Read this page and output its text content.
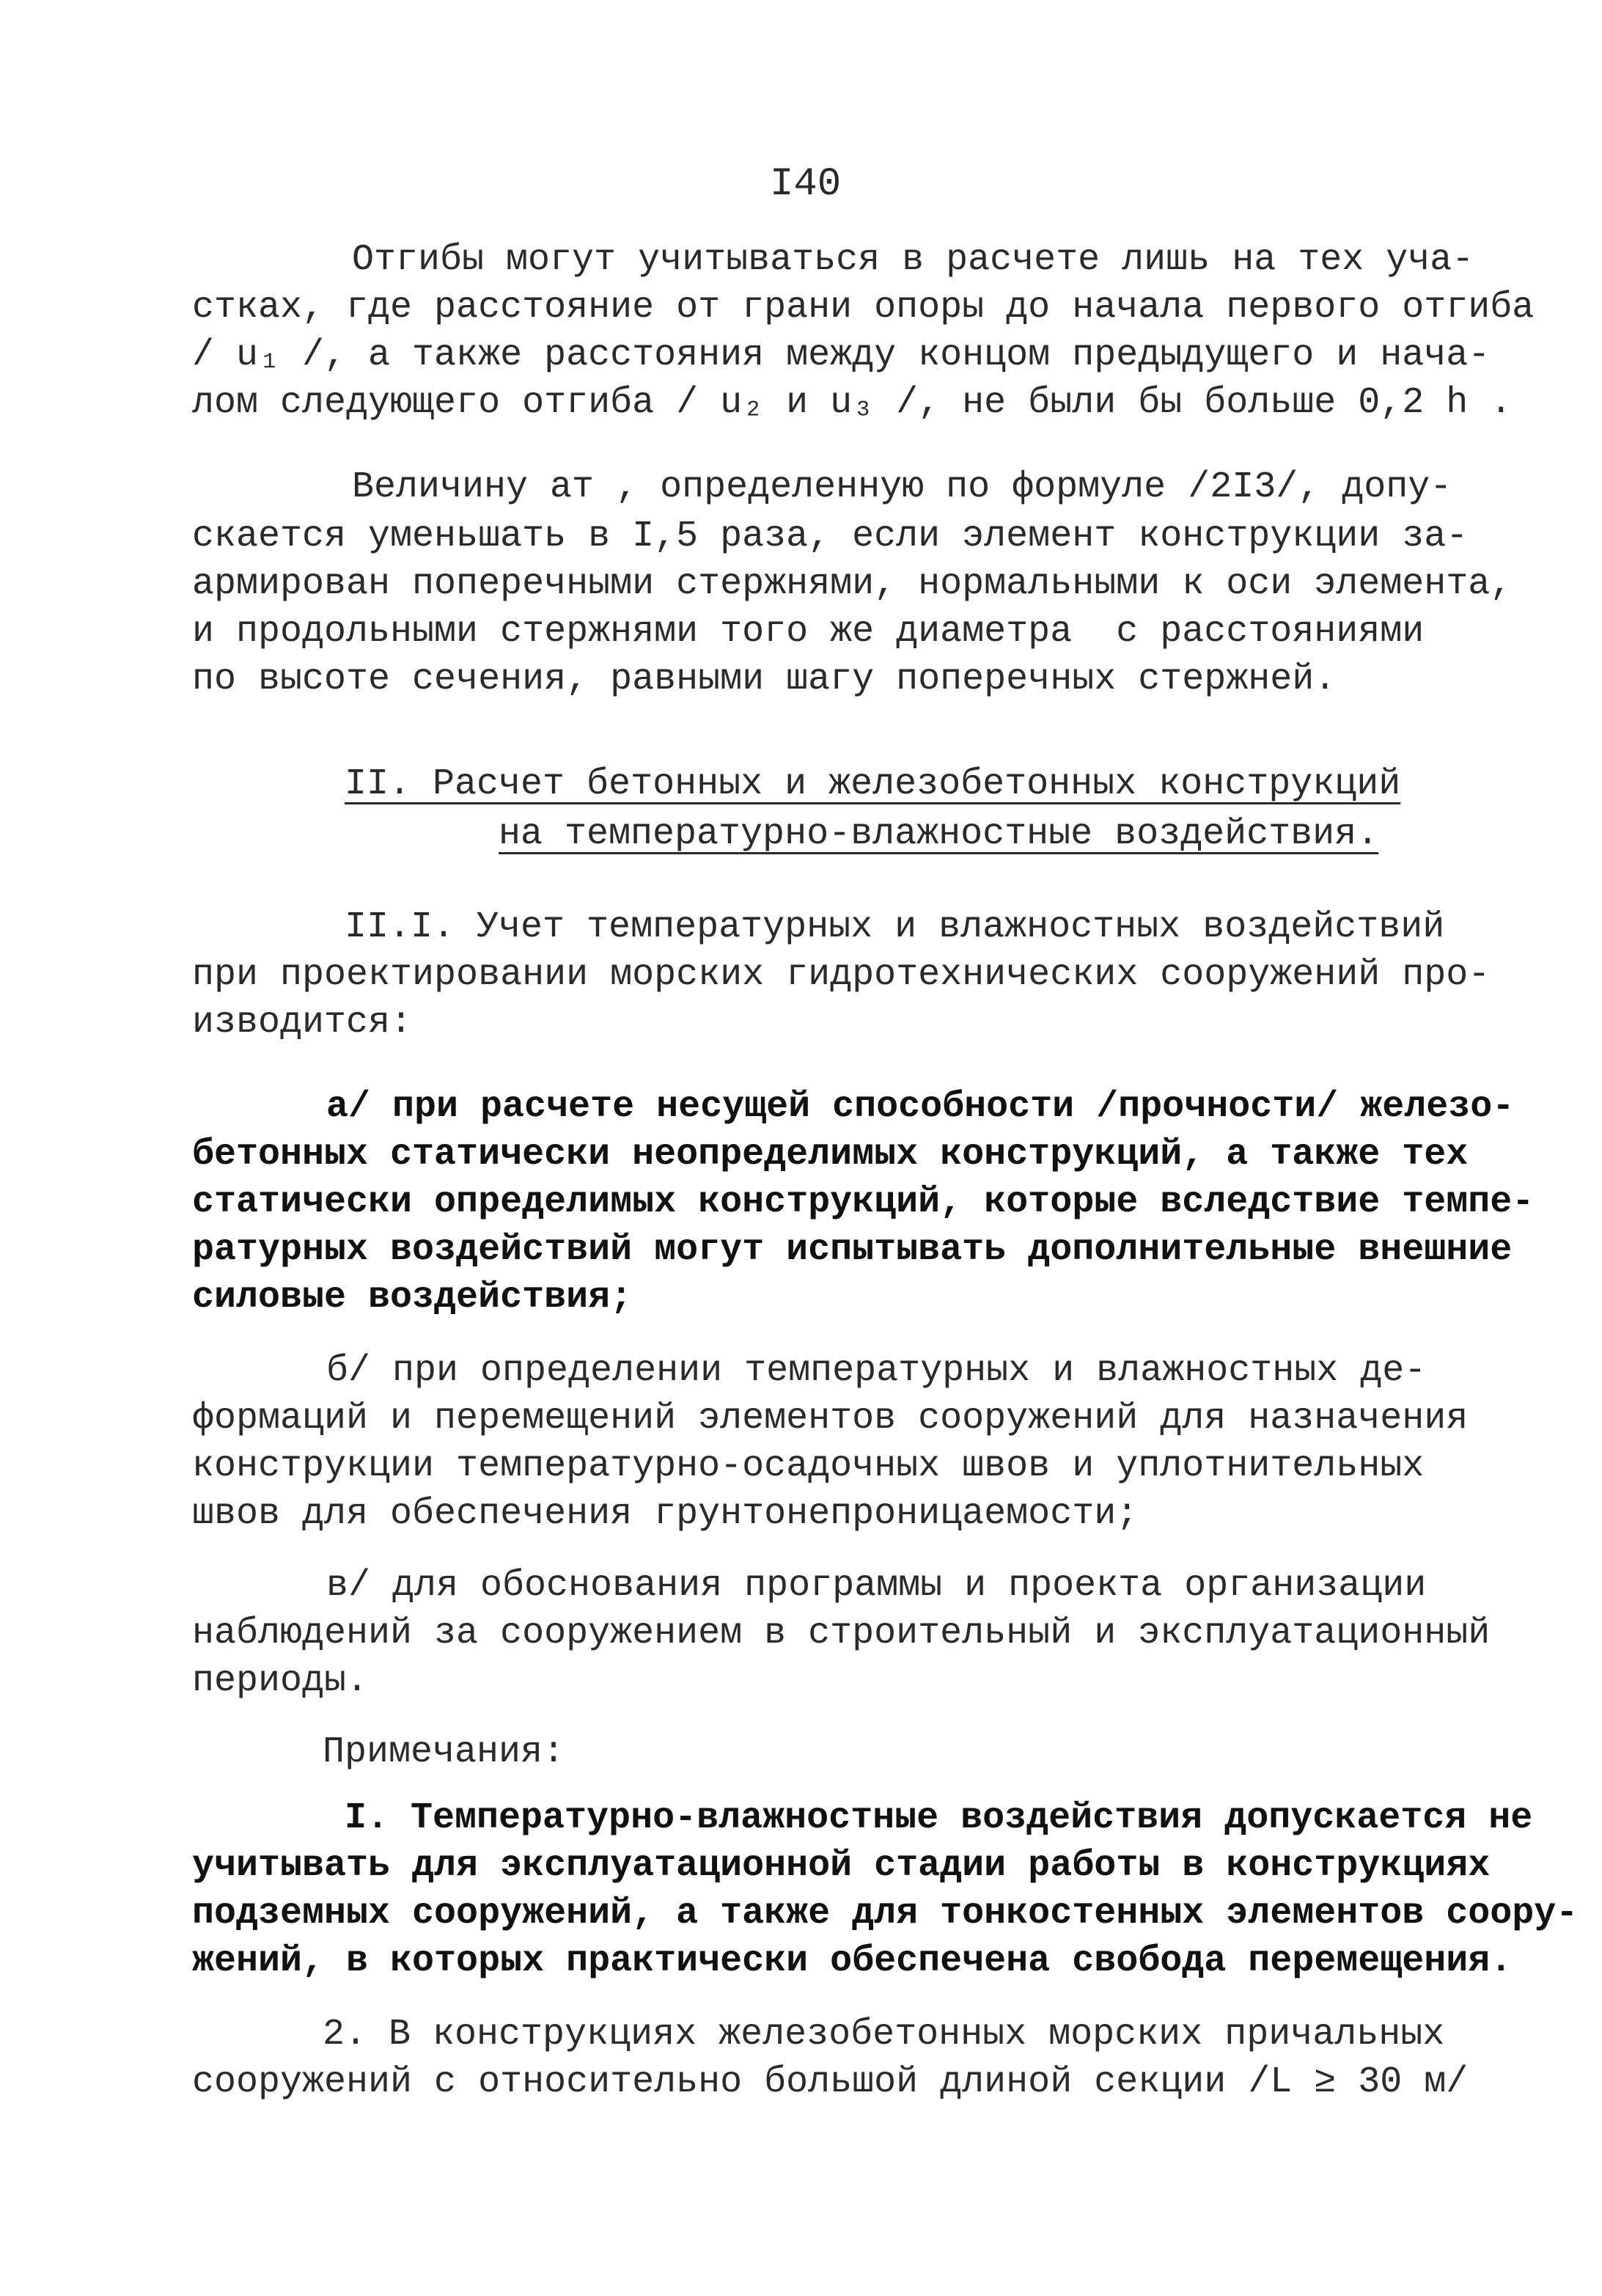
I40
Отгибы могут учитываться в расчете лишь на тех уча-
стках, где расстояние от грани опоры до начала первого отгиба
/ u₁ /, а также расстояния между концом предыдущего и нача-
лом следующего отгиба / u₂ и u₃ /, не были бы больше 0,2 h .
Величину aт , определенную по формуле /2I3/, допу-
скается уменьшать в I,5 раза, если элемент конструкции за-
армирован поперечными стержнями, нормальными к оси элемента,
и продольными стержнями того же диаметра  с расстояниями
по высоте сечения, равными шагу поперечных стержней.
II. Расчет бетонных и железобетонных конструкций
на температурно-влажностные воздействия.
II.I. Учет температурных и влажностных воздействий
при проектировании морских гидротехнических сооружений про-
изводится:
а/ при расчете несущей способности /прочности/ железо-
бетонных статически неопределимых конструкций, а также тех
статически определимых конструкций, которые вследствие темпе-
ратурных воздействий могут испытывать дополнительные внешние
силовые воздействия;
б/ при определении температурных и влажностных де-
формаций и перемещений элементов сооружений для назначения
конструкции температурно-осадочных швов и уплотнительных
швов для обеспечения грунтонепроницаемости;
в/ для обоснования программы и проекта организации
наблюдений за сооружением в строительный и эксплуатационный
периоды.
Примечания:
I. Температурно-влажностные воздействия допускается не
учитывать для эксплуатационной стадии работы в конструкциях
подземных сооружений, а также для тонкостенных элементов соору-
жений, в которых практически обеспечена свобода перемещения.
2. В конструкциях железобетонных морских причальных
сооружений с относительно большой длиной секции /L ≥ 30 м/
